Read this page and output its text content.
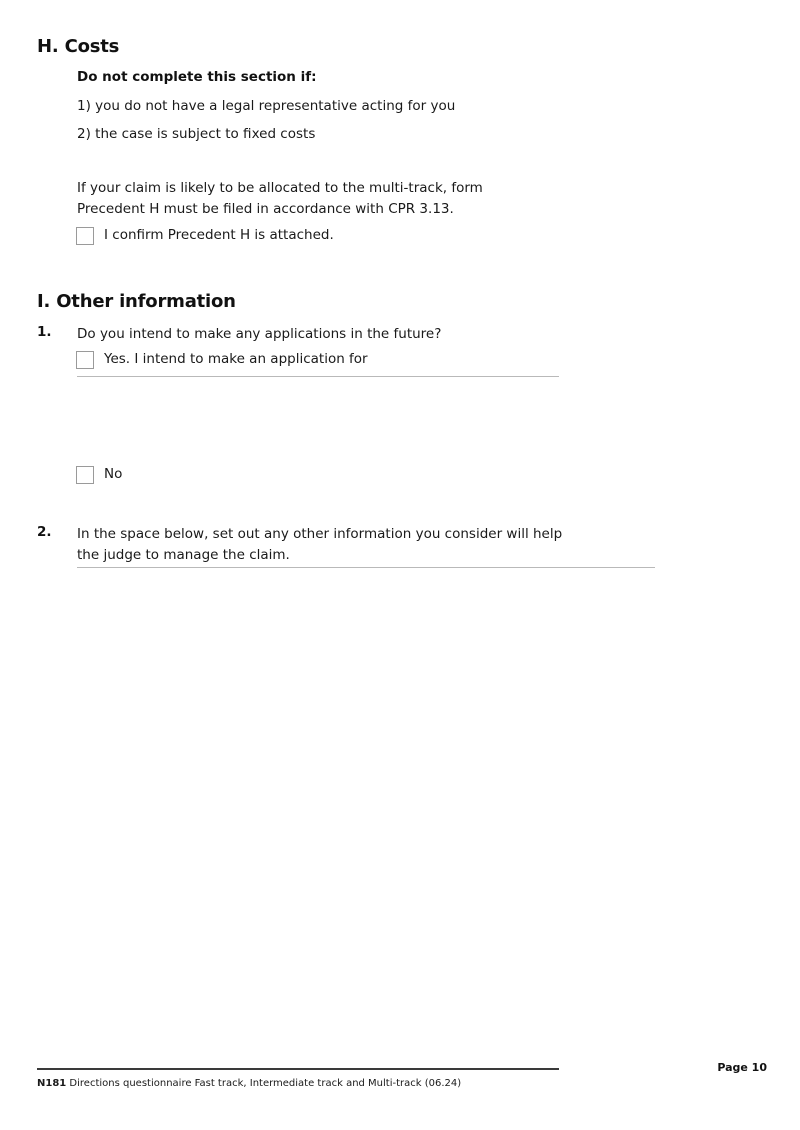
H. Costs
Do not complete this section if:
1) you do not have a legal representative acting for you
2) the case is subject to fixed costs
If your claim is likely to be allocated to the multi-track, form Precedent H must be filed in accordance with CPR 3.13.
I confirm Precedent H is attached.
I. Other information
1. Do you intend to make any applications in the future?
Yes. I intend to make an application for
No
2. In the space below, set out any other information you consider will help the judge to manage the claim.
N181 Directions questionnaire Fast track, Intermediate track and Multi-track (06.24)
Page 10
